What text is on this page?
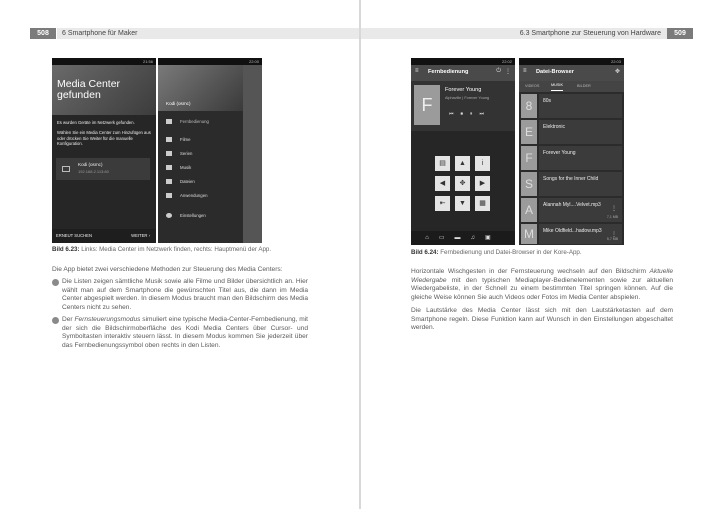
508	6 Smartphone für Maker
21:56
Media Center gefunden
Es wurden Geräte im Netzwerk gefunden.
Wählen Sie ein Media Center zum Hinzufügen aus oder drücken Sie Weiter für die manuelle Konfiguration.
Kodi (osmc)
192.168.2.113:80
ERNEUT SUCHEN	WEITER ›
22:00
Kodi (osmc)
Fernbedienung
Filme
Serien
Musik
Dateien
Anwendungen
Einstellungen
Bild 6.23: Links: Media Center im Netzwerk finden, rechts: Hauptmenü der App.
Die App bietet zwei verschiedene Methoden zur Steuerung des Media Centers:
Die Listen zeigen sämtliche Musik sowie alle Filme und Bilder übersichtlich an. Hier wählt man auf dem Smartphone die gewünschten Titel aus, die dann im Media Center abgespielt werden. In diesem Modus braucht man den Bildschirm des Media Centers nicht zu sehen.
Der Fernsteuerungsmodus simuliert eine typische Media-Center-Fernbedienung, mit der sich die Bildschirmoberfläche des Kodi Media Centers über Cursor- und Symboltasten interaktiv steuern lässt. In diesem Modus kommen Sie jederzeit über das Fernbedienungssymbol oben rechts in den Listen.
6.3 Smartphone zur Steuerung von Hardware	509
22:02
≡ Fernbedienung	⏻ ⋮
F
Forever Young
Alphaville | Forever Young
⏮⏹⏸⏭
▤	▲	i
◀	✥	▶
⇤	▼	▦
⌂▭▬♫▣
22:03
≡ Datei-Browser	✥
VIDEOS	MUSIK	BILDER
8	80s
E	Elektronic
F	Forever Young
S	Songs for the Inner Child
A	Alannah Myl....Velvet.mp3
⋮
7,1 MB
M	Mike Oldfield...hadow.mp3
⋮
5,7 MB
Bild 6.24: Fernbedienung und Datei-Browser in der Kore-App.
Horizontale Wischgesten in der Fernsteuerung wechseln auf den Bildschirm Aktuelle Wiedergabe mit den typischen Mediaplayer-Bedienelementen sowie zur aktuellen Wiedergabeliste, in der Schnell zu einem bestimmten Titel springen können. Auf die gleiche Weise können Sie auch Videos oder Fotos im Media Center abspielen.
Die Lautstärke des Media Center lässt sich mit den Lautstärketasten auf dem Smartphone regeln. Diese Funktion kann auf Wunsch in den Einstellungen abgeschaltet werden.
